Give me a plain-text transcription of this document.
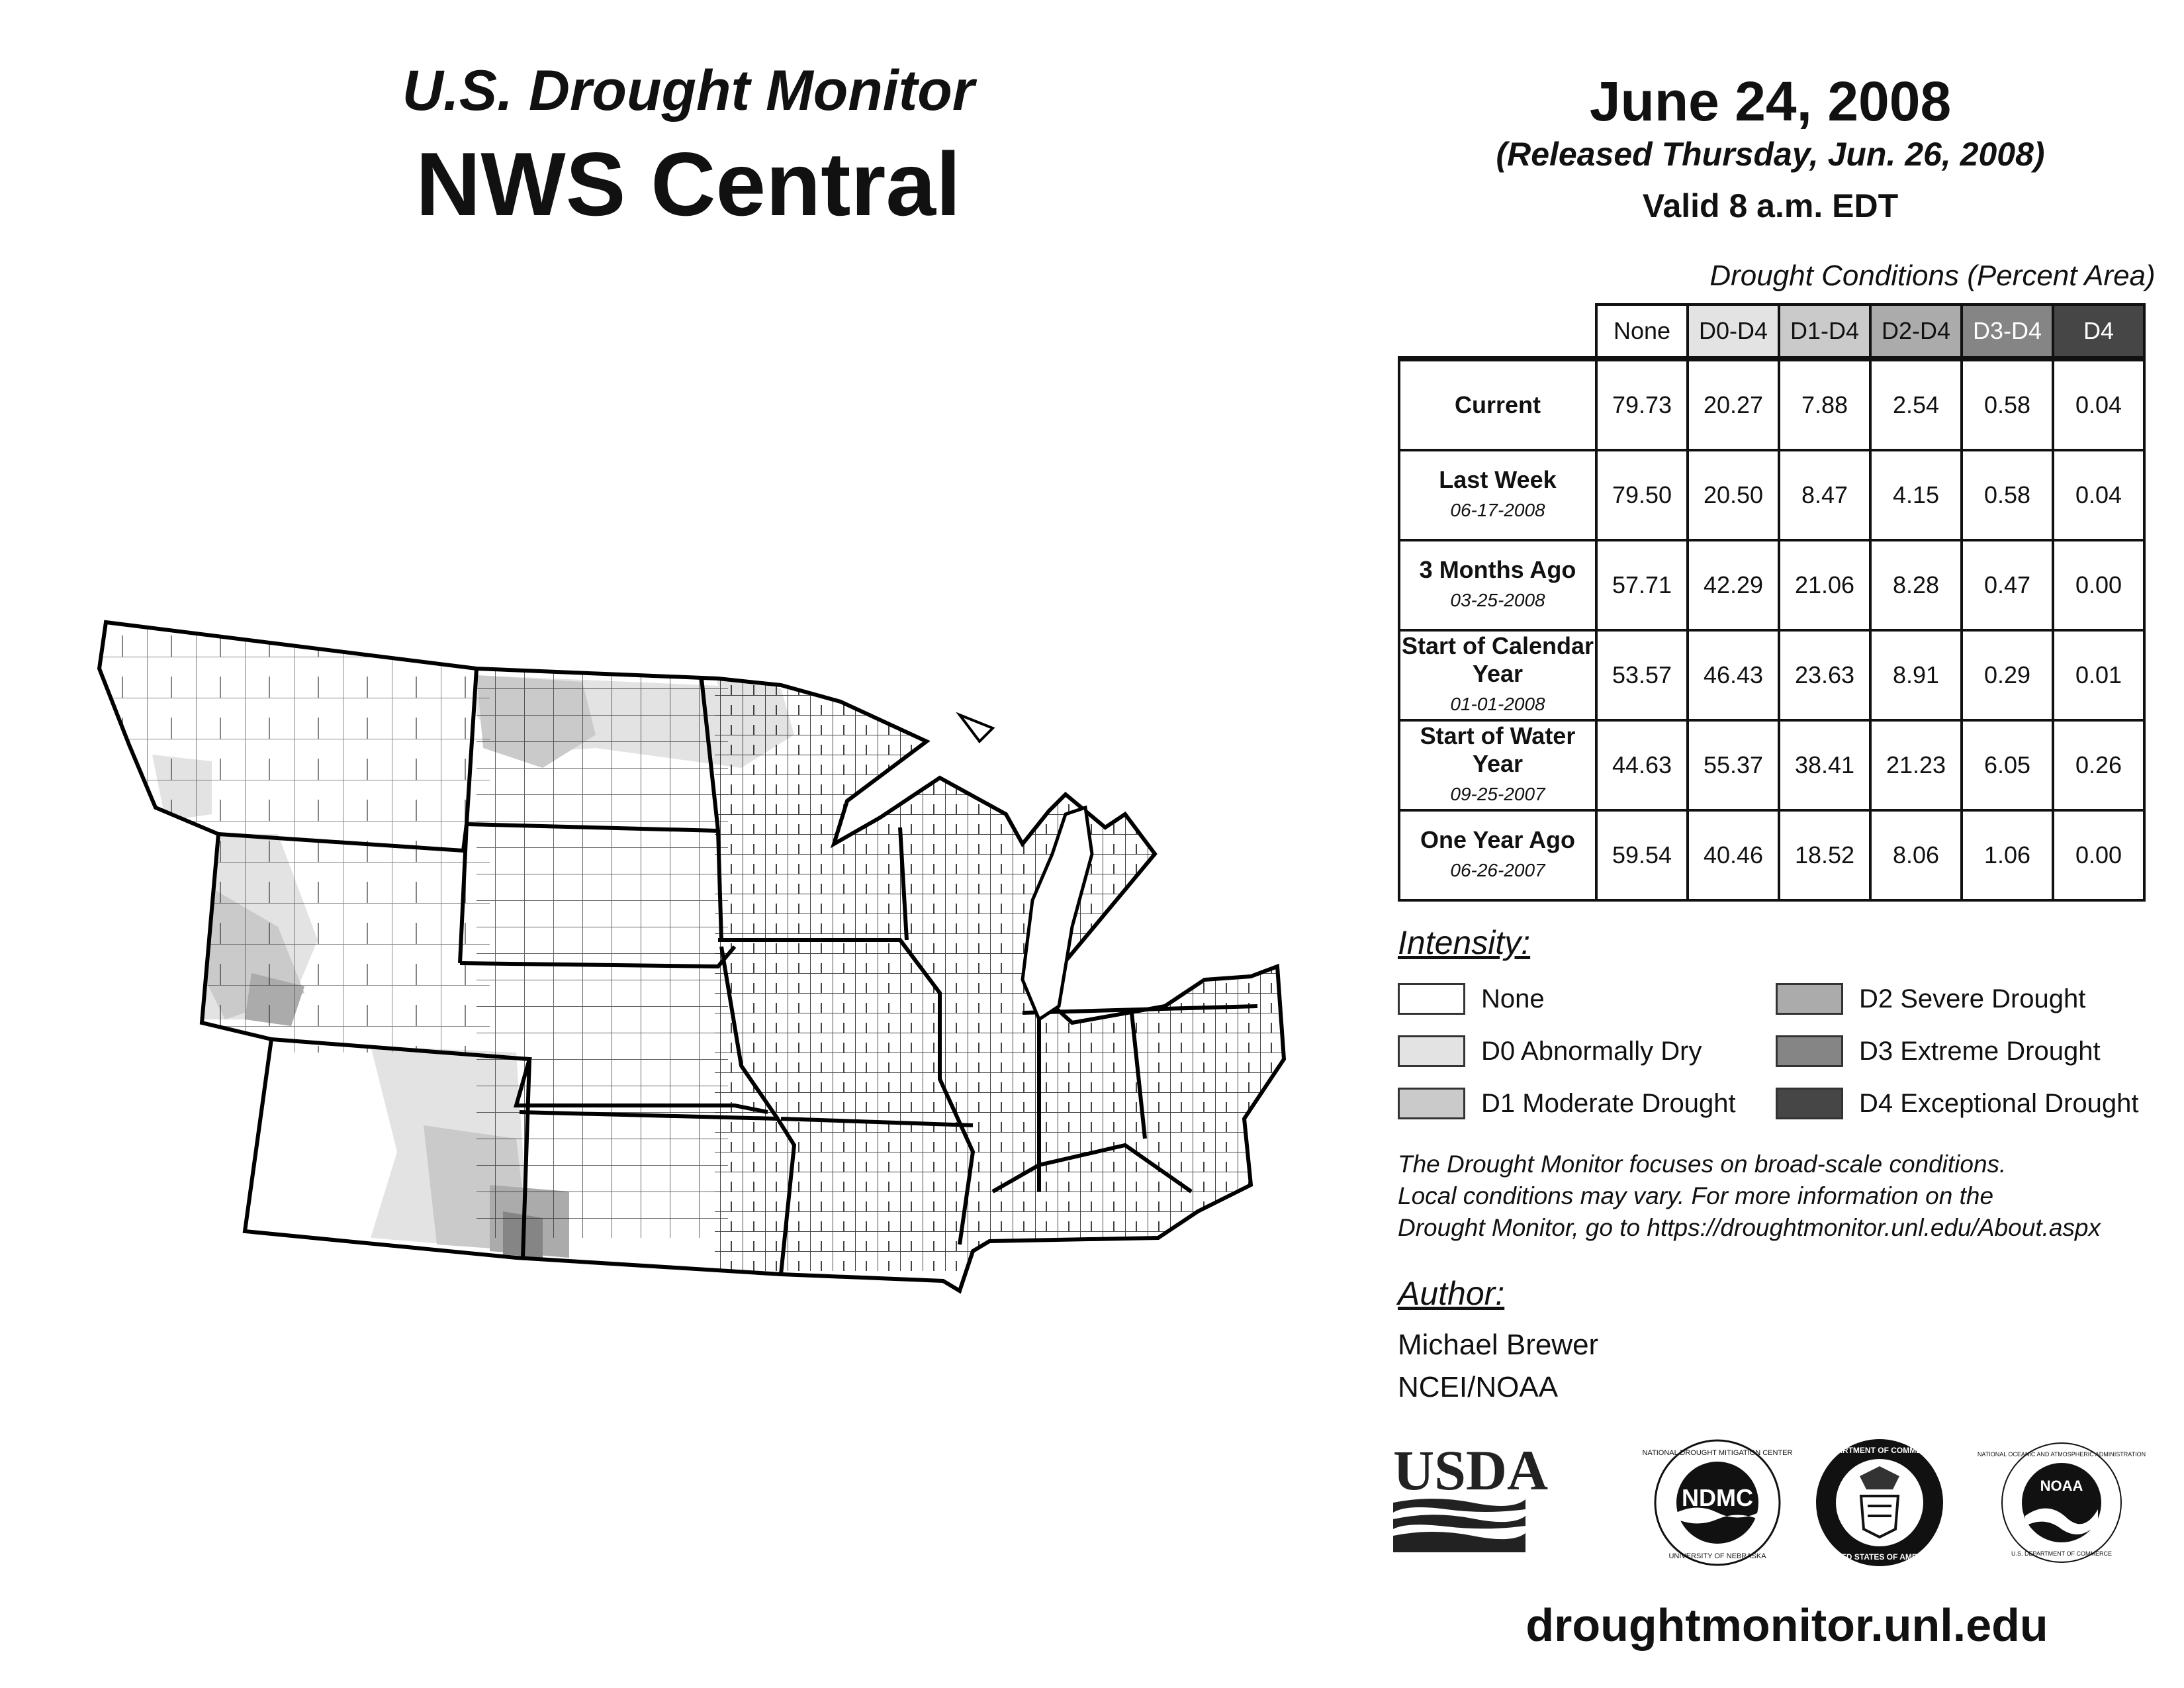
U.S. Drought Monitor
NWS Central
June 24, 2008
(Released Thursday, Jun. 26, 2008)
Valid 8 a.m. EDT
Drought Conditions (Percent Area)
	None	D0-D4	D1-D4	D2-D4	D3-D4	D4
Current	79.73	20.27	7.88	2.54	0.58	0.04
Last Week
06-17-2008	79.50	20.50	8.47	4.15	0.58	0.04
3 Months Ago
03-25-2008	57.71	42.29	21.06	8.28	0.47	0.00
Start of Calendar Year
01-01-2008	53.57	46.43	23.63	8.91	0.29	0.01
Start of Water Year
09-25-2007	44.63	55.37	38.41	21.23	6.05	0.26
One Year Ago
06-26-2007	59.54	40.46	18.52	8.06	1.06	0.00
Intensity:
None
D0 Abnormally Dry
D1 Moderate Drought
D2 Severe Drought
D3 Extreme Drought
D4 Exceptional Drought
The Drought Monitor focuses on broad-scale conditions.
Local conditions may vary. For more information on the
Drought Monitor, go to https://droughtmonitor.unl.edu/About.aspx
Author:
Michael Brewer
NCEI/NOAA
USDA	NDMC
NATIONAL DROUGHT MITIGATION CENTER
UNIVERSITY OF NEBRASKA
DEPARTMENT OF COMMERCE
UNITED STATES OF AMERICA
NOAA
NATIONAL OCEANIC AND ATMOSPHERIC ADMINISTRATION
U.S. DEPARTMENT OF COMMERCE
droughtmonitor.unl.edu
